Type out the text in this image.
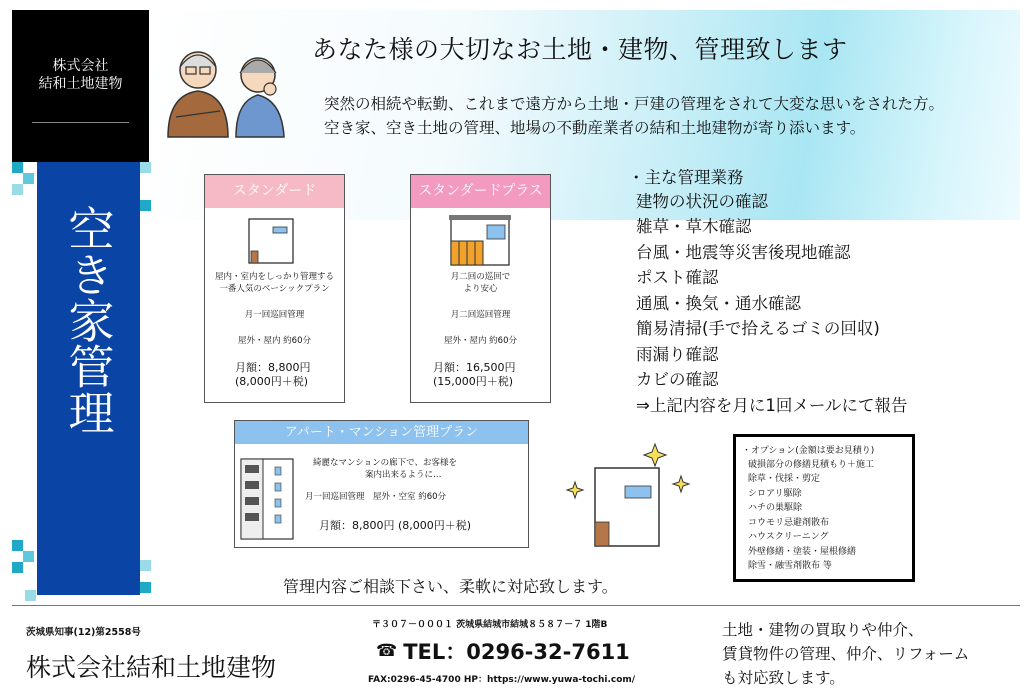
株式会社
結和土地建物
空き家管理
あなた様の大切なお土地・建物、管理致します
突然の相続や転勤、これまで遠方から土地・戸建の管理をされて大変な思いをされた方。
空き家、空き土地の管理、地場の不動産業者の結和土地建物が寄り添います。
スタンダード
屋内・室内をしっかり管理する
一番人気のベーシックプラン
月一回巡回管理
屋外・屋内 約60分
月額：8,800円
(8,000円＋税)
スタンダードプラス
月二回の巡回で
より安心
月二回巡回管理
屋外・屋内 約60分
月額：16,500円
(15,000円＋税)
アパート・マンション管理プラン
綺麗なマンションの廊下で、お客様を
案内出来るように…
月一回巡回管理　屋外・空室 約60分
月額：8,800円 (8,000円＋税)
・主な管理業務
建物の状況の確認
雑草・草木確認
台風・地震等災害後現地確認
ポスト確認
通風・換気・通水確認
簡易清掃(手で拾えるゴミの回収)
雨漏り確認
カビの確認
⇒上記内容を月に1回メールにて報告
・オプション(金額は要お見積り)
破損部分の修繕見積もり＋施工
除草・伐採・剪定
シロアリ駆除
ハチの巣駆除
コウモリ忌避剤散布
ハウスクリーニング
外壁修繕・塗装・屋根修繕
除雪・融雪剤散布 等
管理内容ご相談下さい、柔軟に対応致します。
茨城県知事(12)第2558号
株式会社結和土地建物
〒３０７－０００１ 茨城県結城市結城８５８７－７ 1階B
☎ TEL：0296-32-7611
FAX:0296-45-4700 HP：https://www.yuwa-tochi.com/
土地・建物の買取りや仲介、
賃貸物件の管理、仲介、リフォーム
も対応致します。
